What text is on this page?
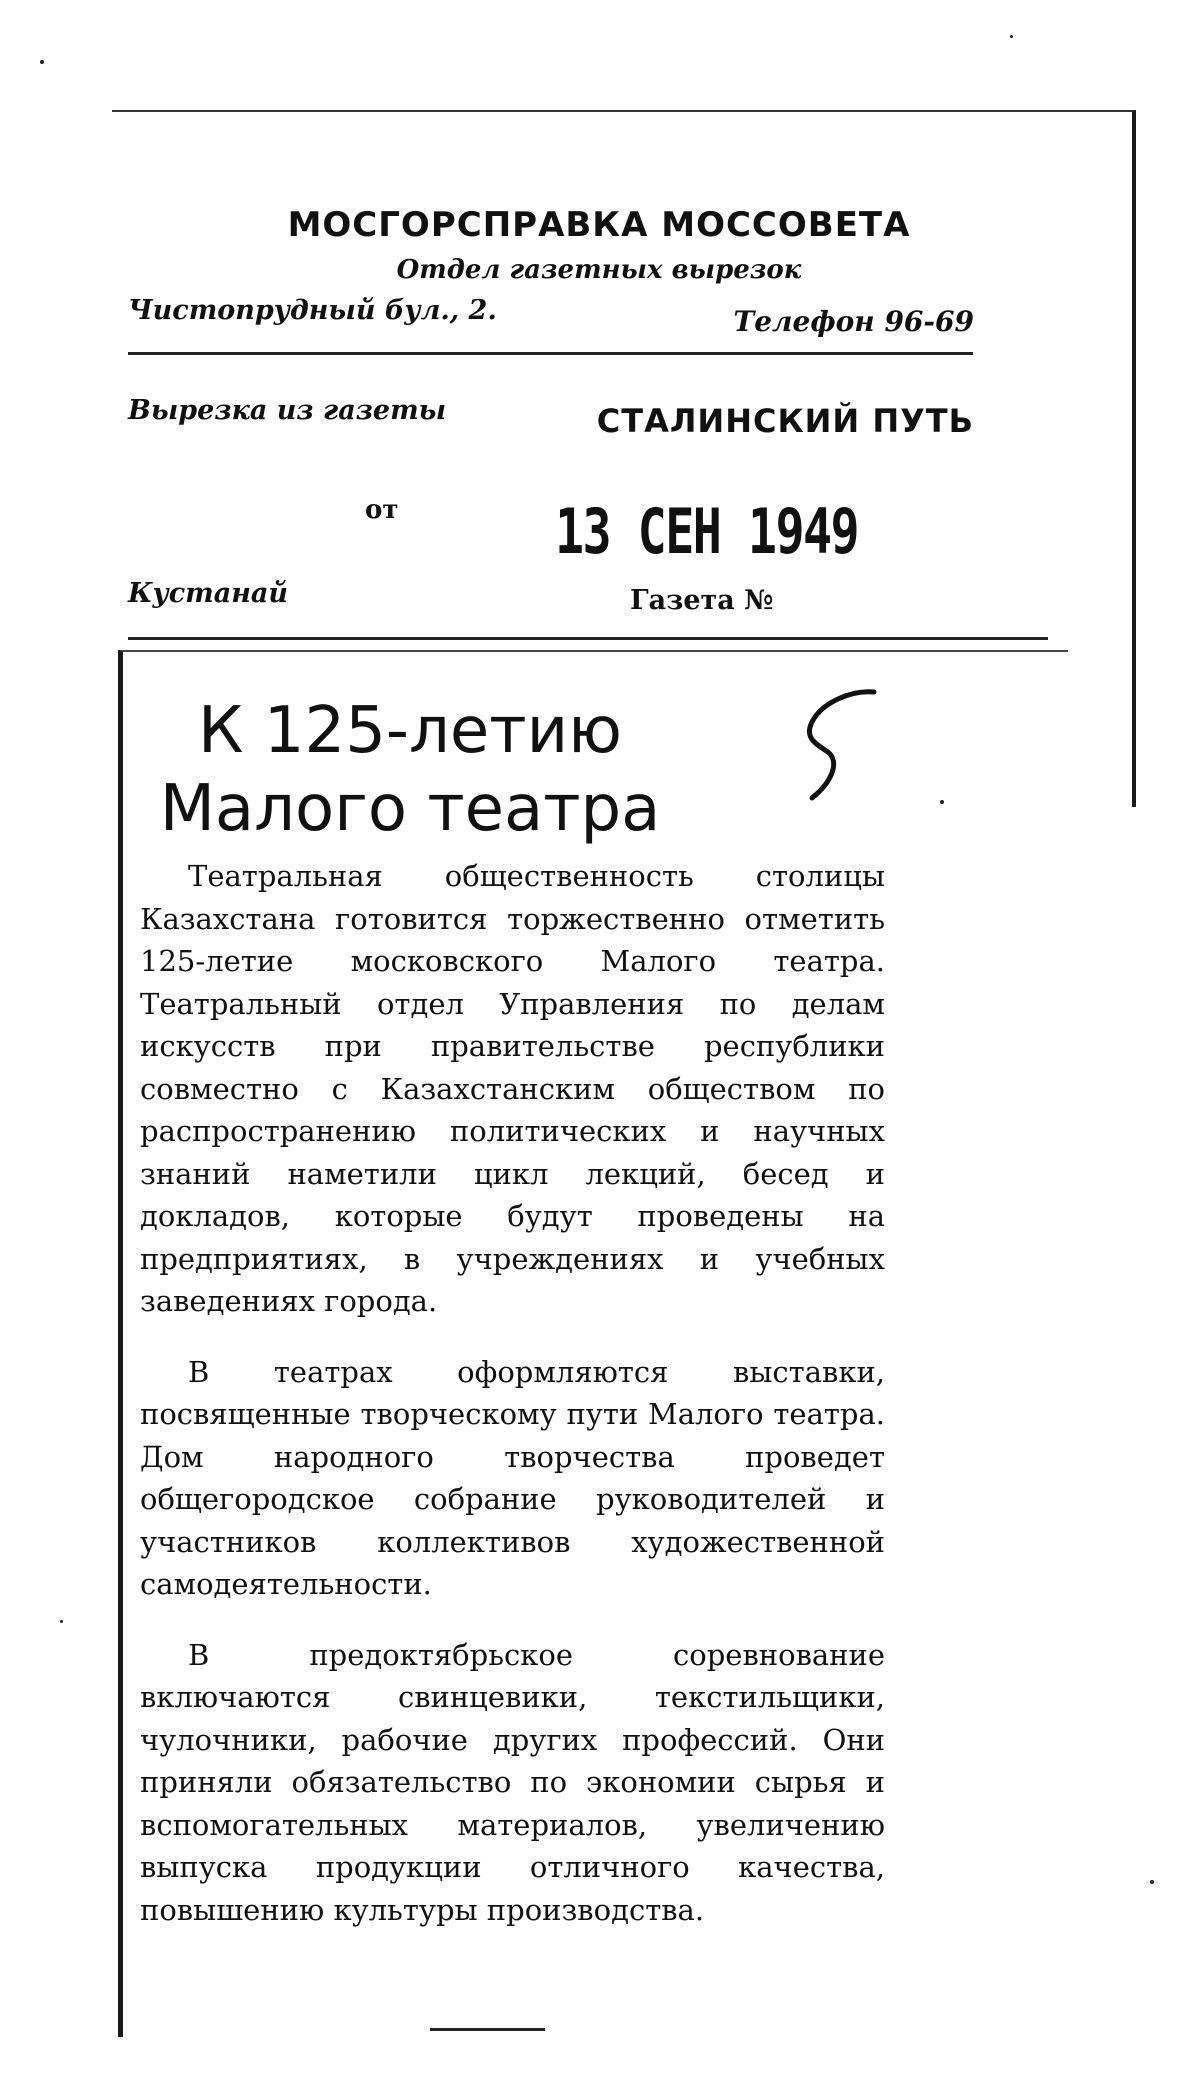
МОСГОРСПРАВКА МОССОВЕТА
Отдел газетных вырезок
Чистопрудный бул., 2.	Телефон 96-69
Вырезка из газеты	СТАЛИНСКИЙ ПУТЬ
от	13 СЕН 1949
Кустанай	Газета №
К 125-летию
Малого театра

Театральная общественность столицы Казахстана готовится торжественно отметить 125-летие московского Малого театра. Театральный отдел Управления по делам искусств при правительстве республики совместно с Казахстанским обществом по распространению политических и научных знаний наметили цикл лекций, бесед и докладов, которые будут проведены на предприятиях, в учреждениях и учебных заведениях города.

В театрах оформляются выставки, посвященные творческому пути Малого театра. Дом народного творчества проведет общегородское собрание руководителей и участников коллективов художественной самодеятельности.

В предоктябрьское соревнование включаются свинцевики, текстильщики, чулочники, рабочие других профессий. Они приняли обязательство по экономии сырья и вспомогательных материалов, увеличению выпуска продукции отличного качества, повышению культуры производства.
